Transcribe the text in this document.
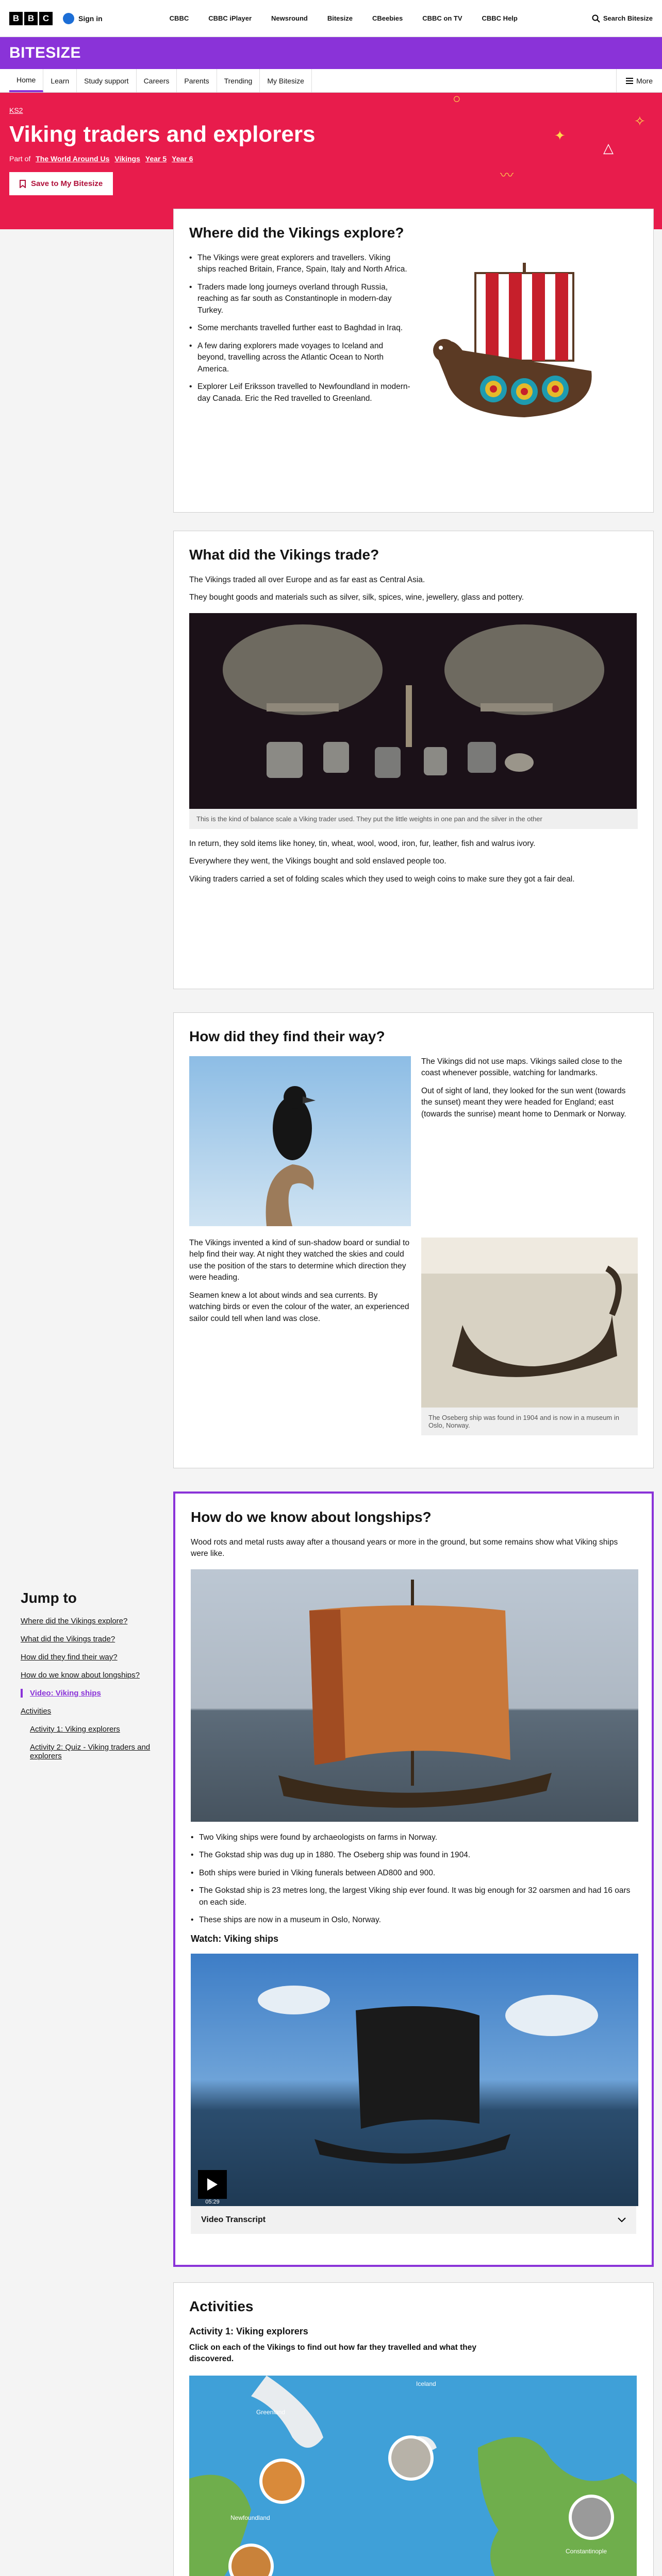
B B C	Sign in	CBBC	CBBC iPlayer	Newsround	Bitesize	CBeebies	CBBC on TV	CBBC Help	Search Bitesize
BITESIZE
Home	Learn	Study support	Careers	Parents	Trending	My Bitesize	More
KS2
Viking traders and explorers
Part of The World Around Us Vikings Year 5 Year 6
Save to My Bitesize
○
✦
△
〰
✧
Jump to
Where did the Vikings explore?
What did the Vikings trade?
How did they find their way?
How do we know about longships?
Video: Viking ships
Activities
Activity 1: Viking explorers
Activity 2: Quiz - Viking traders and explorers
Where did the Vikings explore?
• The Vikings were great explorers and travellers. Viking ships reached Britain, France, Spain, Italy and North Africa.
• Traders made long journeys overland through Russia, reaching as far south as Constantinople in modern-day Turkey.
• Some merchants travelled further east to Baghdad in Iraq.
• A few daring explorers made voyages to Iceland and beyond, travelling across the Atlantic Ocean to North America.
• Explorer Leif Eriksson travelled to Newfoundland in modern-day Canada. Eric the Red travelled to Greenland.
What did the Vikings trade?

The Vikings traded all over Europe and as far east as Central Asia.

They bought goods and materials such as silver, silk, spices, wine, jewellery, glass and pottery.

This is the kind of balance scale a Viking trader used. They put the little weights in one pan and the silver in the other

In return, they sold items like honey, tin, wheat, wool, wood, iron, fur, leather, fish and walrus ivory.

Everywhere they went, the Vikings bought and sold enslaved people too.

Viking traders carried a set of folding scales which they used to weigh coins to make sure they got a fair deal.

How did they find their way?

The Vikings did not use maps. Vikings sailed close to the coast whenever possible, watching for landmarks.

Out of sight of land, they looked for the sun went (towards the sunset) meant they were headed for England; east (towards the sunrise) meant home to Denmark or Norway.

The Vikings invented a kind of sun-shadow board or sundial to help find their way. At night they watched the skies and could use the position of the stars to determine which direction they were heading.

Seamen knew a lot about winds and sea currents. By watching birds or even the colour of the water, an experienced sailor could tell when land was close.

The Oseberg ship was found in 1904 and is now in a museum in Oslo, Norway.
How do we know about longships?

Wood rots and metal rusts away after a thousand years or more in the ground, but some remains show what Viking ships were like.

• Two Viking ships were found by archaeologists on farms in Norway.
• The Gokstad ship was dug up in 1880. The Oseberg ship was found in 1904.
• Both ships were buried in Viking funerals between AD800 and 900.
• The Gokstad ship is 23 metres long, the largest Viking ship ever found. It was big enough for 32 oarsmen and had 16 oars on each side.
• These ships are now in a museum in Oslo, Norway.
Watch: Viking ships
05:29
Video Transcript
Activities
Activity 1: Viking explorers

Click on each of the Vikings to find out how far they travelled and what they discovered.

Greenland
Iceland
Newfoundland
Constantinople
